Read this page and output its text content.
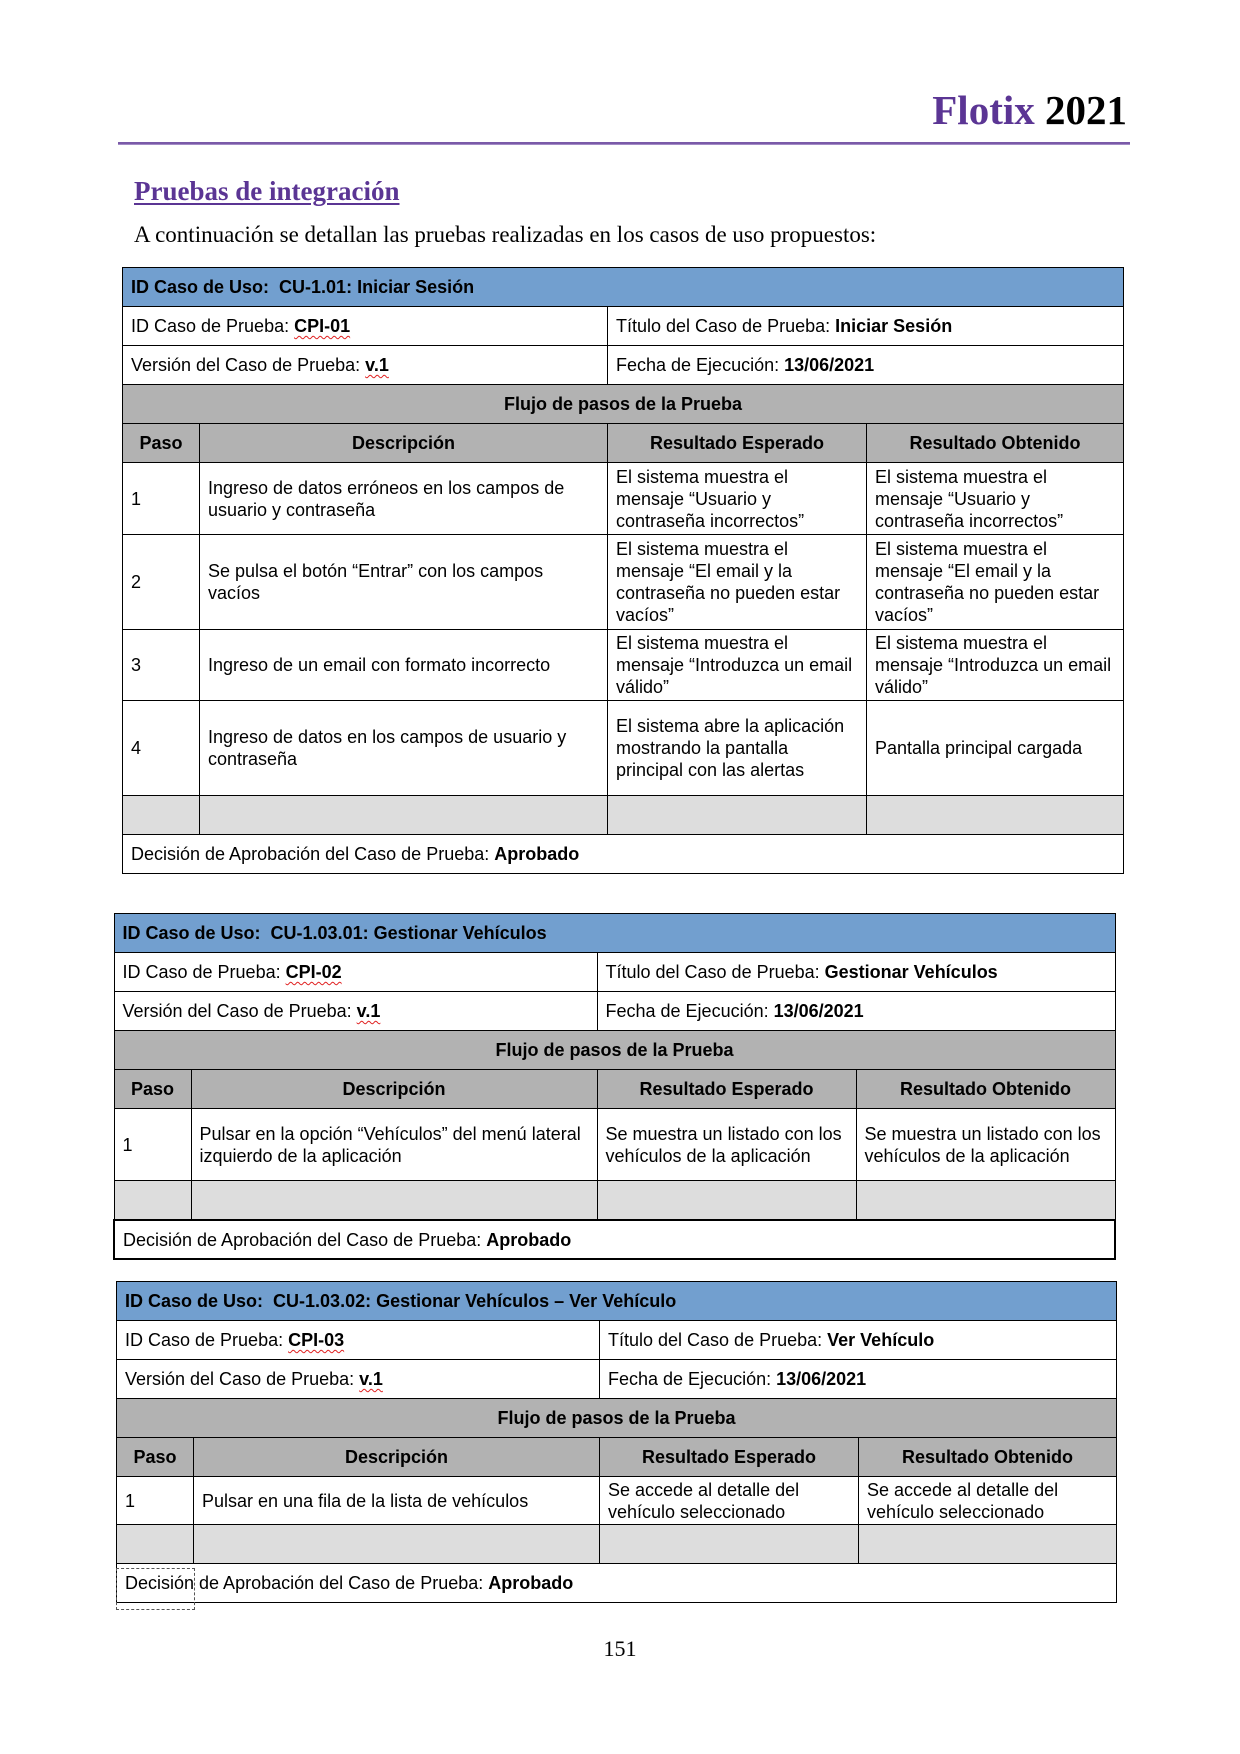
Flotix 2021
Pruebas de integración
A continuación se detallan las pruebas realizadas en los casos de uso propuestos:
ID Caso de Uso: CU-1.01: Iniciar Sesión			
ID Caso de Prueba: CPI-01		Título del Caso de Prueba: Iniciar Sesión	
Versión del Caso de Prueba: v.1		Fecha de Ejecución: 13/06/2021	
Flujo de pasos de la Prueba			
Paso	Descripción	Resultado Esperado	Resultado Obtenido
1	Ingreso de datos erróneos en los campos de usuario y contraseña	El sistema muestra el mensaje “Usuario y contraseña incorrectos”	El sistema muestra el mensaje “Usuario y contraseña incorrectos”
2	Se pulsa el botón “Entrar” con los campos vacíos	El sistema muestra el mensaje “El email y la contraseña no pueden estar vacíos”	El sistema muestra el mensaje “El email y la contraseña no pueden estar vacíos”
3	Ingreso de un email con formato incorrecto	El sistema muestra el mensaje “Introduzca un email válido”	El sistema muestra el mensaje “Introduzca un email válido”
4	Ingreso de datos en los campos de usuario y contraseña	El sistema abre la aplicación mostrando la pantalla principal con las alertas	Pantalla principal cargada

Decisión de Aprobación del Caso de Prueba: Aprobado			
ID Caso de Uso: CU-1.03.01: Gestionar Vehículos			
ID Caso de Prueba: CPI-02		Título del Caso de Prueba: Gestionar Vehículos	
Versión del Caso de Prueba: v.1		Fecha de Ejecución: 13/06/2021	
Flujo de pasos de la Prueba			
Paso	Descripción	Resultado Esperado	Resultado Obtenido
1	Pulsar en la opción “Vehículos” del menú lateral izquierdo de la aplicación	Se muestra un listado con los vehículos de la aplicación	Se muestra un listado con los vehículos de la aplicación

Decisión de Aprobación del Caso de Prueba: Aprobado			
ID Caso de Uso: CU-1.03.02: Gestionar Vehículos – Ver Vehículo			
ID Caso de Prueba: CPI-03		Título del Caso de Prueba: Ver Vehículo	
Versión del Caso de Prueba: v.1		Fecha de Ejecución: 13/06/2021	
Flujo de pasos de la Prueba			
Paso	Descripción	Resultado Esperado	Resultado Obtenido
1	Pulsar en una fila de la lista de vehículos	Se accede al detalle del vehículo seleccionado	Se accede al detalle del vehículo seleccionado

Decisión de Aprobación del Caso de Prueba: Aprobado			
151
